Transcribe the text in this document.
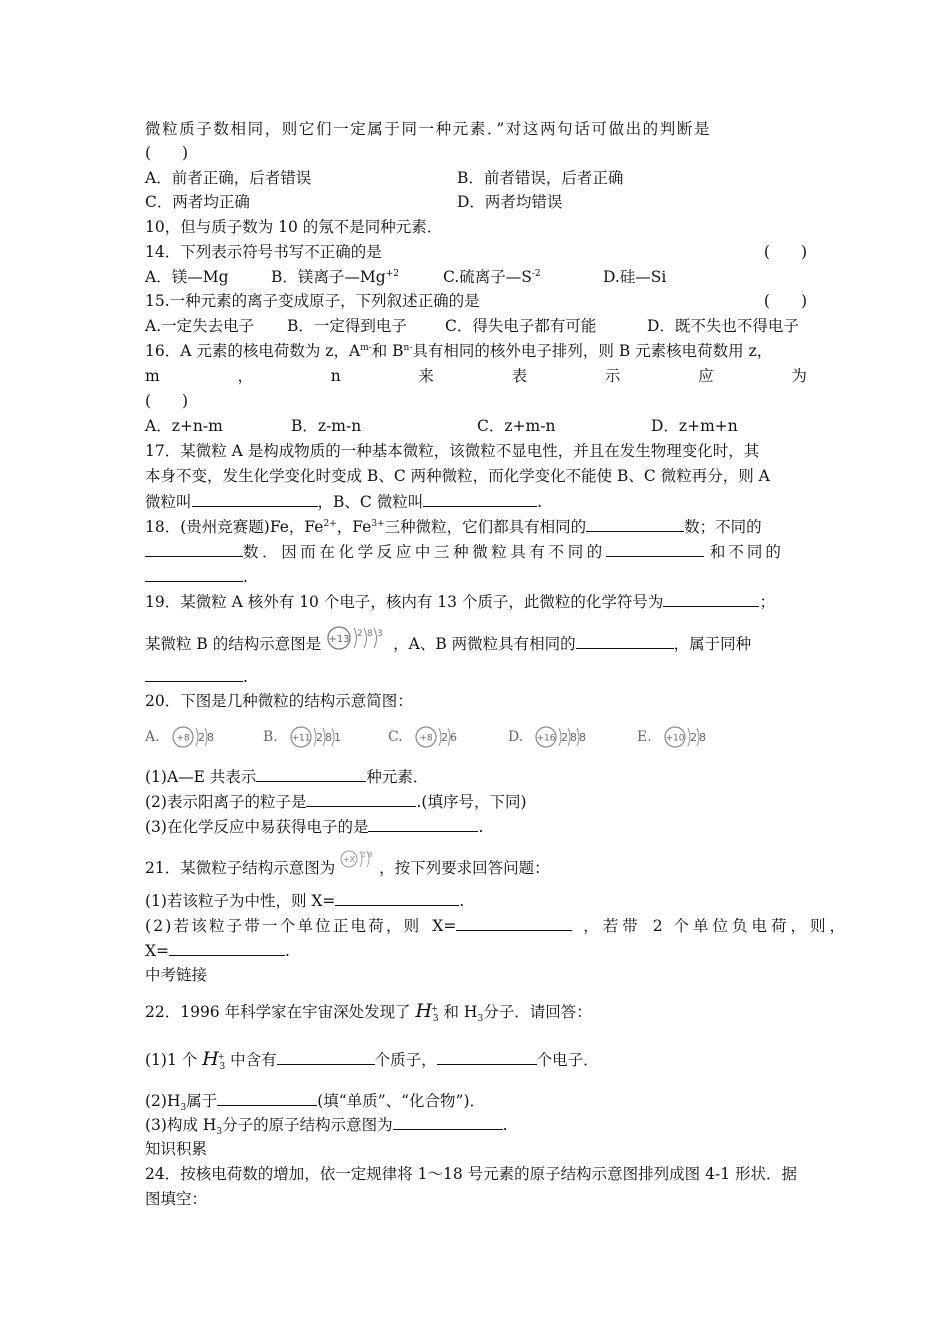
微粒质子数相同，则它们一定属于同一种元素．”对这两句话可做出的判断是
(　　)
A．前者正确，后者错误	B．前者错误，后者正确
C．两者均正确	D．两者均错误
10，但与质子数为 10 的氖不是同种元素．
14．下列表示符号书写不正确的是	(　　)
A．镁—Mg	B．镁离子$—Mg^{+2}$	C.硫离子$—S^{-2}$	D.硅—Si
15.一种元素的离子变成原子，下列叙述正确的是	(　　)
A.一定失去电子 B．一定得到电子 C．得失电子都有可能	D．既不失也不得电子
16．A 元素的核电荷数为 z，$A^{m-}$和 $B^{n-}$具有相同的核外电子排列，则 B 元素核电荷数用 z，
m	，	n	来	表	示	应	为
(　　)
A．z+n-m	B．z-m-n	C．z+m-n	D．z+m+n
17．某微粒 A 是构成物质的一种基本微粒，该微粒不显电性，并且在发生物理变化时，其
本身不变，发生化学变化时变成 B、C 两种微粒，而化学变化不能使 B、C 微粒再分，则 A
微粒叫	，B、C 微粒叫	.
18．(贵州竞赛题)Fe，$Fe^{2+}$，$Fe^{3+}$三种微粒，它们都具有相同的	数；不同的
数．因而在化学反应中三种微粒具有不同的	和不同的
.
19．某微粒 A 核外有 10 个电子，核内有 13 个质子，此微粒的化学符号为	；
某微粒 B 的结构示意图是 +13 2 8 3
，A、B 两微粒具有相同的	，属于同种
.
20．下图是几种微粒的结构示意简图：
A. +8 2 8	B. +11 2 8 1	C. +8 2 6	D. +16 2 8 8	E. +10 2 8
(1)A—E 共表示	种元素．
(2)表示阳离子的粒子是	.(填序号，下同)
(3)在化学反应中易获得电子的是	.
21．某微粒子结构示意图为 +X 2 8
，按下列要求回答问题：
(1)若该粒子为中性，则 X=	.
(2)若该粒子带一个单位正电荷，则 X=	，若带 2 个单位负电荷，则，
X=	.
中考链接
22．1996 年科学家在宇宙深处发现了 $H^+_3$ 和 $H_3$分子．请回答：
(1)1 个 $H^+_3$ 中含有	个质子，	个电子．
$(2)H_3$属于	(填“单质”、“化合物”)．
(3)构成 $H_3$分子的原子结构示意图为	.
知识积累
24．按核电荷数的增加，依一定规律将 1～18 号元素的原子结构示意图排列成图 4-1 形状．据
图填空：
